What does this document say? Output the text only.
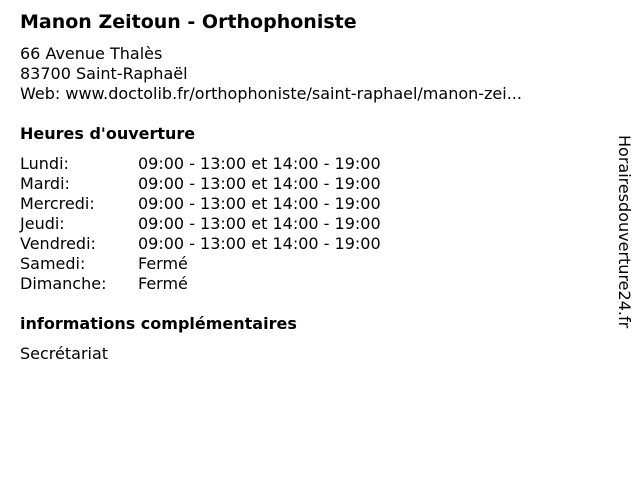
Manon Zeitoun - Orthophoniste
66 Avenue Thalès
83700 Saint-Raphaël
Web: www.doctolib.fr/orthophoniste/saint-raphael/manon-zei...
Heures d'ouverture
Lundi:	09:00 - 13:00 et 14:00 - 19:00
Mardi:	09:00 - 13:00 et 14:00 - 19:00
Mercredi:	09:00 - 13:00 et 14:00 - 19:00
Jeudi:	09:00 - 13:00 et 14:00 - 19:00
Vendredi:	09:00 - 13:00 et 14:00 - 19:00
Samedi:	Fermé
Dimanche: Fermé
informations complémentaires
Secrétariat
Horairesdouverture24.fr
